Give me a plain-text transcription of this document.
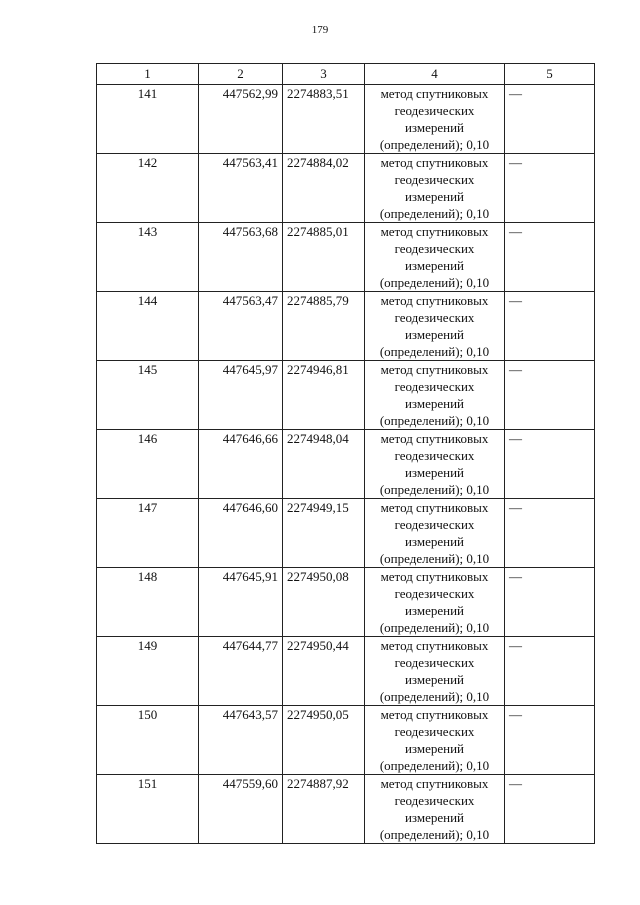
179
1	2	3	4	5
141	447562,99	2274883,51	метод спутниковых
геодезических
измерений
(определений); 0,10	—
142	447563,41	2274884,02	метод спутниковых
геодезических
измерений
(определений); 0,10	—
143	447563,68	2274885,01	метод спутниковых
геодезических
измерений
(определений); 0,10	—
144	447563,47	2274885,79	метод спутниковых
геодезических
измерений
(определений); 0,10	—
145	447645,97	2274946,81	метод спутниковых
геодезических
измерений
(определений); 0,10	—
146	447646,66	2274948,04	метод спутниковых
геодезических
измерений
(определений); 0,10	—
147	447646,60	2274949,15	метод спутниковых
геодезических
измерений
(определений); 0,10	—
148	447645,91	2274950,08	метод спутниковых
геодезических
измерений
(определений); 0,10	—
149	447644,77	2274950,44	метод спутниковых
геодезических
измерений
(определений); 0,10	—
150	447643,57	2274950,05	метод спутниковых
геодезических
измерений
(определений); 0,10	—
151	447559,60	2274887,92	метод спутниковых
геодезических
измерений
(определений); 0,10	—
